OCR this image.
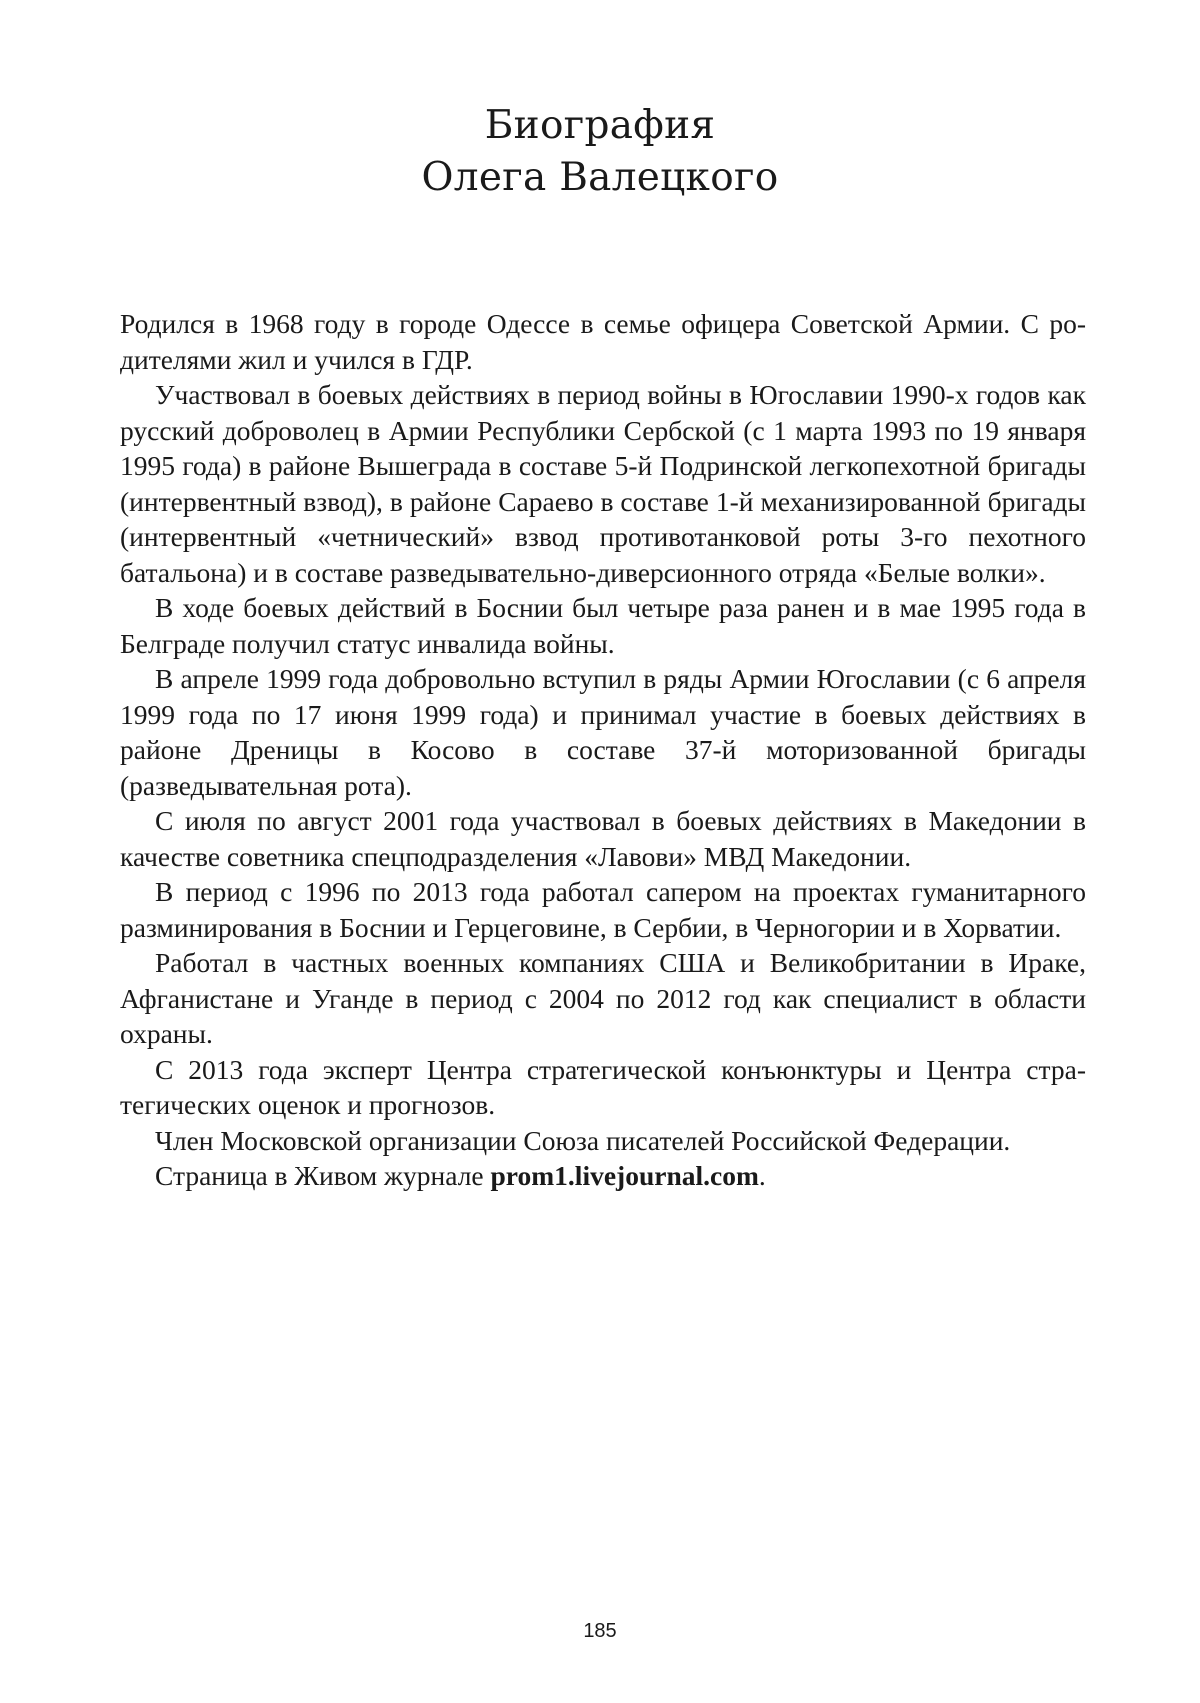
Биография
Олега Валецкого

Родился в 1968 году в городе Одессе в семье офицера Советской Армии. С родителями жил и учился в ГДР.

Участвовал в боевых действиях в период войны в Югославии 1990-х годов как русский доброволец в Армии Республики Сербской (с 1 марта 1993 по 19 января 1995 года) в районе Вышеграда в составе 5-й Подринской легкопехотной бригады (интервентный взвод), в районе Сараево в составе 1-й механизированной бригады (интервентный «четнический» взвод противотанковой роты 3-го пехотного батальона) и в составе разведывательно-диверсионного отряда «Белые волки».

В ходе боевых действий в Боснии был четыре раза ранен и в мае 1995 года в Белграде получил статус инвалида войны.

В апреле 1999 года добровольно вступил в ряды Армии Югославии (с 6 апреля 1999 года по 17 июня 1999 года) и принимал участие в боевых действиях в районе Дреницы в Косово в составе 37-й моторизованной бригады (разведывательная рота).

С июля по август 2001 года участвовал в боевых действиях в Македонии в качестве советника спецподразделения «Лавови» МВД Македонии.

В период с 1996 по 2013 года работал сапером на проектах гуманитарного разминирования в Боснии и Герцеговине, в Сербии, в Черногории и в Хорватии.

Работал в частных военных компаниях США и Великобритании в Ираке, Афганистане и Уганде в период с 2004 по 2012 год как специалист в области охраны.

С 2013 года эксперт Центра стратегической конъюнктуры и Центра стратегических оценок и прогнозов.

Член Московской организации Союза писателей Российской Федерации.

Страница в Живом журнале prom1.livejournal.com.

185
